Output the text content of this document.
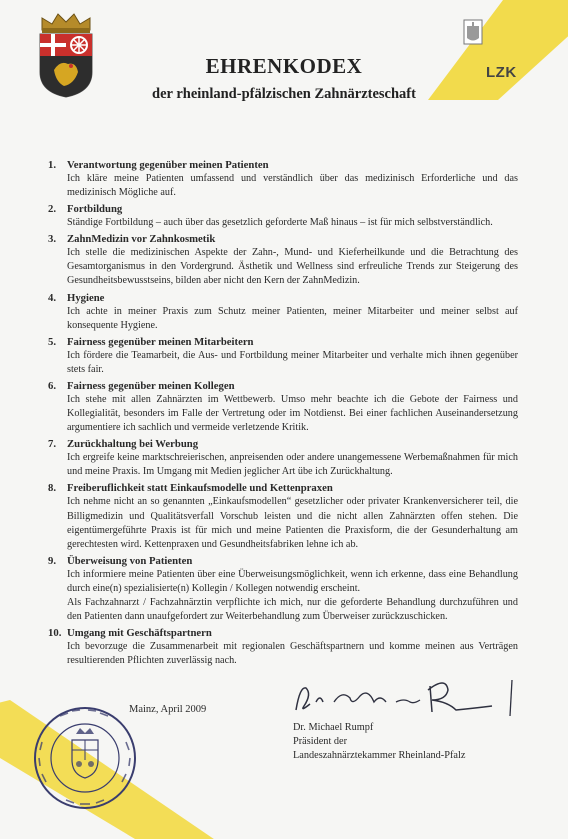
LZK
EHRENKODEX
der rheinland-pfälzischen Zahnärzteschaft
1. Verantwortung gegenüber meinen Patienten
Ich kläre meine Patienten umfassend und verständlich über das medizinisch Erforderliche und das medizinisch Mögliche auf.
2. Fortbildung
Ständige Fortbildung – auch über das gesetzlich geforderte Maß hinaus – ist für mich selbstverständlich.
3. ZahnMedizin vor Zahnkosmetik
Ich stelle die medizinischen Aspekte der Zahn-, Mund- und Kieferheilkunde und die Betrachtung des Gesamtorganismus in den Vordergrund. Ästhetik und Wellness sind erfreuliche Trends zur Steigerung des Gesundheitsbewusstseins, bilden aber nicht den Kern der ZahnMedizin.
4. Hygiene
Ich achte in meiner Praxis zum Schutz meiner Patienten, meiner Mitarbeiter und meiner selbst auf konsequente Hygiene.
5. Fairness gegenüber meinen Mitarbeitern
Ich fördere die Teamarbeit, die Aus- und Fortbildung meiner Mitarbeiter und verhalte mich ihnen gegenüber stets fair.
6. Fairness gegenüber meinen Kollegen
Ich stehe mit allen Zahnärzten im Wettbewerb. Umso mehr beachte ich die Gebote der Fairness und Kollegialität, besonders im Falle der Vertretung oder im Notdienst. Bei einer fachlichen Auseinandersetzung argumentiere ich sachlich und vermeide verletzende Kritik.
7. Zurückhaltung bei Werbung
Ich ergreife keine marktschreierischen, anpreisenden oder andere unangemessene Werbemaßnahmen für mich und meine Praxis. Im Umgang mit Medien jeglicher Art übe ich Zurückhaltung.
8. Freiberuflichkeit statt Einkaufsmodelle und Kettenpraxen
Ich nehme nicht an so genannten „Einkaufsmodellen“ gesetzlicher oder privater Krankenversicherer teil, die Billigmedizin und Qualitätsverfall Vorschub leisten und die nicht allen Zahnärzten offen stehen. Die eigentümergeführte Praxis ist für mich und meine Patienten die Praxisform, die der Gesunderhaltung am gerechtesten wird. Kettenpraxen und Gesundheitsfabriken lehne ich ab.
9. Überweisung von Patienten
Ich informiere meine Patienten über eine Überweisungsmöglichkeit, wenn ich erkenne, dass eine Behandlung durch eine(n) spezialisierte(n) Kollegin / Kollegen notwendig erscheint.
Als Fachzahnarzt / Fachzahnärztin verpflichte ich mich, nur die geforderte Behandlung durchzuführen und den Patienten dann unaufgefordert zur Weiterbehandlung zum Überweiser zurückzuschicken.
10. Umgang mit Geschäftspartnern
Ich bevorzuge die Zusammenarbeit mit regionalen Geschäftspartnern und komme meinen aus Verträgen resultierenden Pflichten zuverlässig nach.
Mainz, April 2009
Dr. Michael Rumpf
Präsident der
Landeszahnärztekammer Rheinland-Pfalz
